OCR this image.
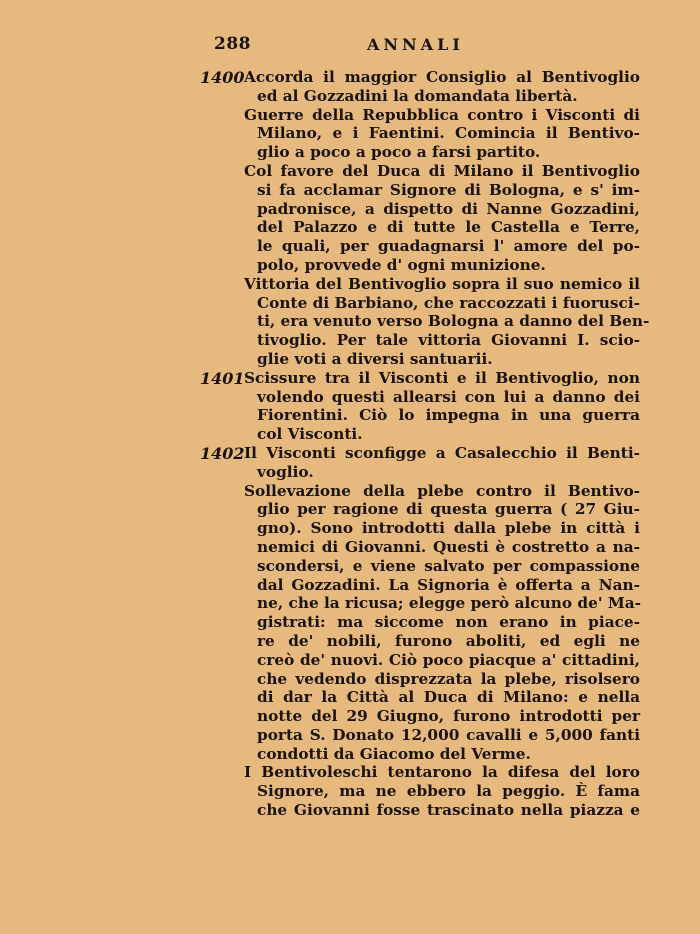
288	ANNALI
1400 Accorda il maggior Consiglio al Bentivoglio
ed al Gozzadini la domandata libertà.
Guerre della Repubblica contro i Visconti di
Milano, e i Faentini. Comincia il Bentivo-
glio a poco a poco a farsi partito.
Col favore del Duca di Milano il Bentivoglio
si fa acclamar Signore di Bologna, e s' im-
padronisce, a dispetto di Nanne Gozzadini,
del Palazzo e di tutte le Castella e Terre,
le quali, per guadagnarsi l' amore del po-
polo, provvede d' ogni munizione.
Vittoria del Bentivoglio sopra il suo nemico il
Conte di Barbiano, che raccozzati i fuorusci-
ti, era venuto verso Bologna a danno del Ben-
tivoglio. Per tale vittoria Giovanni I. scio-
glie voti a diversi santuarii.
1401 Scissure tra il Visconti e il Bentivoglio, non
volendo questi allearsi con lui a danno dei
Fiorentini. Ciò lo impegna in una guerra
col Visconti.
1402 Il Visconti sconfigge a Casalecchio il Benti-
voglio.
Sollevazione della plebe contro il Bentivo-
glio per ragione di questa guerra ( 27 Giu-
gno). Sono introdotti dalla plebe in città i
nemici di Giovanni. Questi è costretto a na-
scondersi, e viene salvato per compassione
dal Gozzadini. La Signoria è offerta a Nan-
ne, che la ricusa; elegge però alcuno de' Ma-
gistrati: ma siccome non erano in piace-
re de' nobili, furono aboliti, ed egli ne
creò de' nuovi. Ciò poco piacque a' cittadini,
che vedendo disprezzata la plebe, risolsero
di dar la Città al Duca di Milano: e nella
notte del 29 Giugno, furono introdotti per
porta S. Donato 12,000 cavalli e 5,000 fanti
condotti da Giacomo del Verme.
I Bentivoleschi tentarono la difesa del loro
Signore, ma ne ebbero la peggio. È fama
che Giovanni fosse trascinato nella piazza e
